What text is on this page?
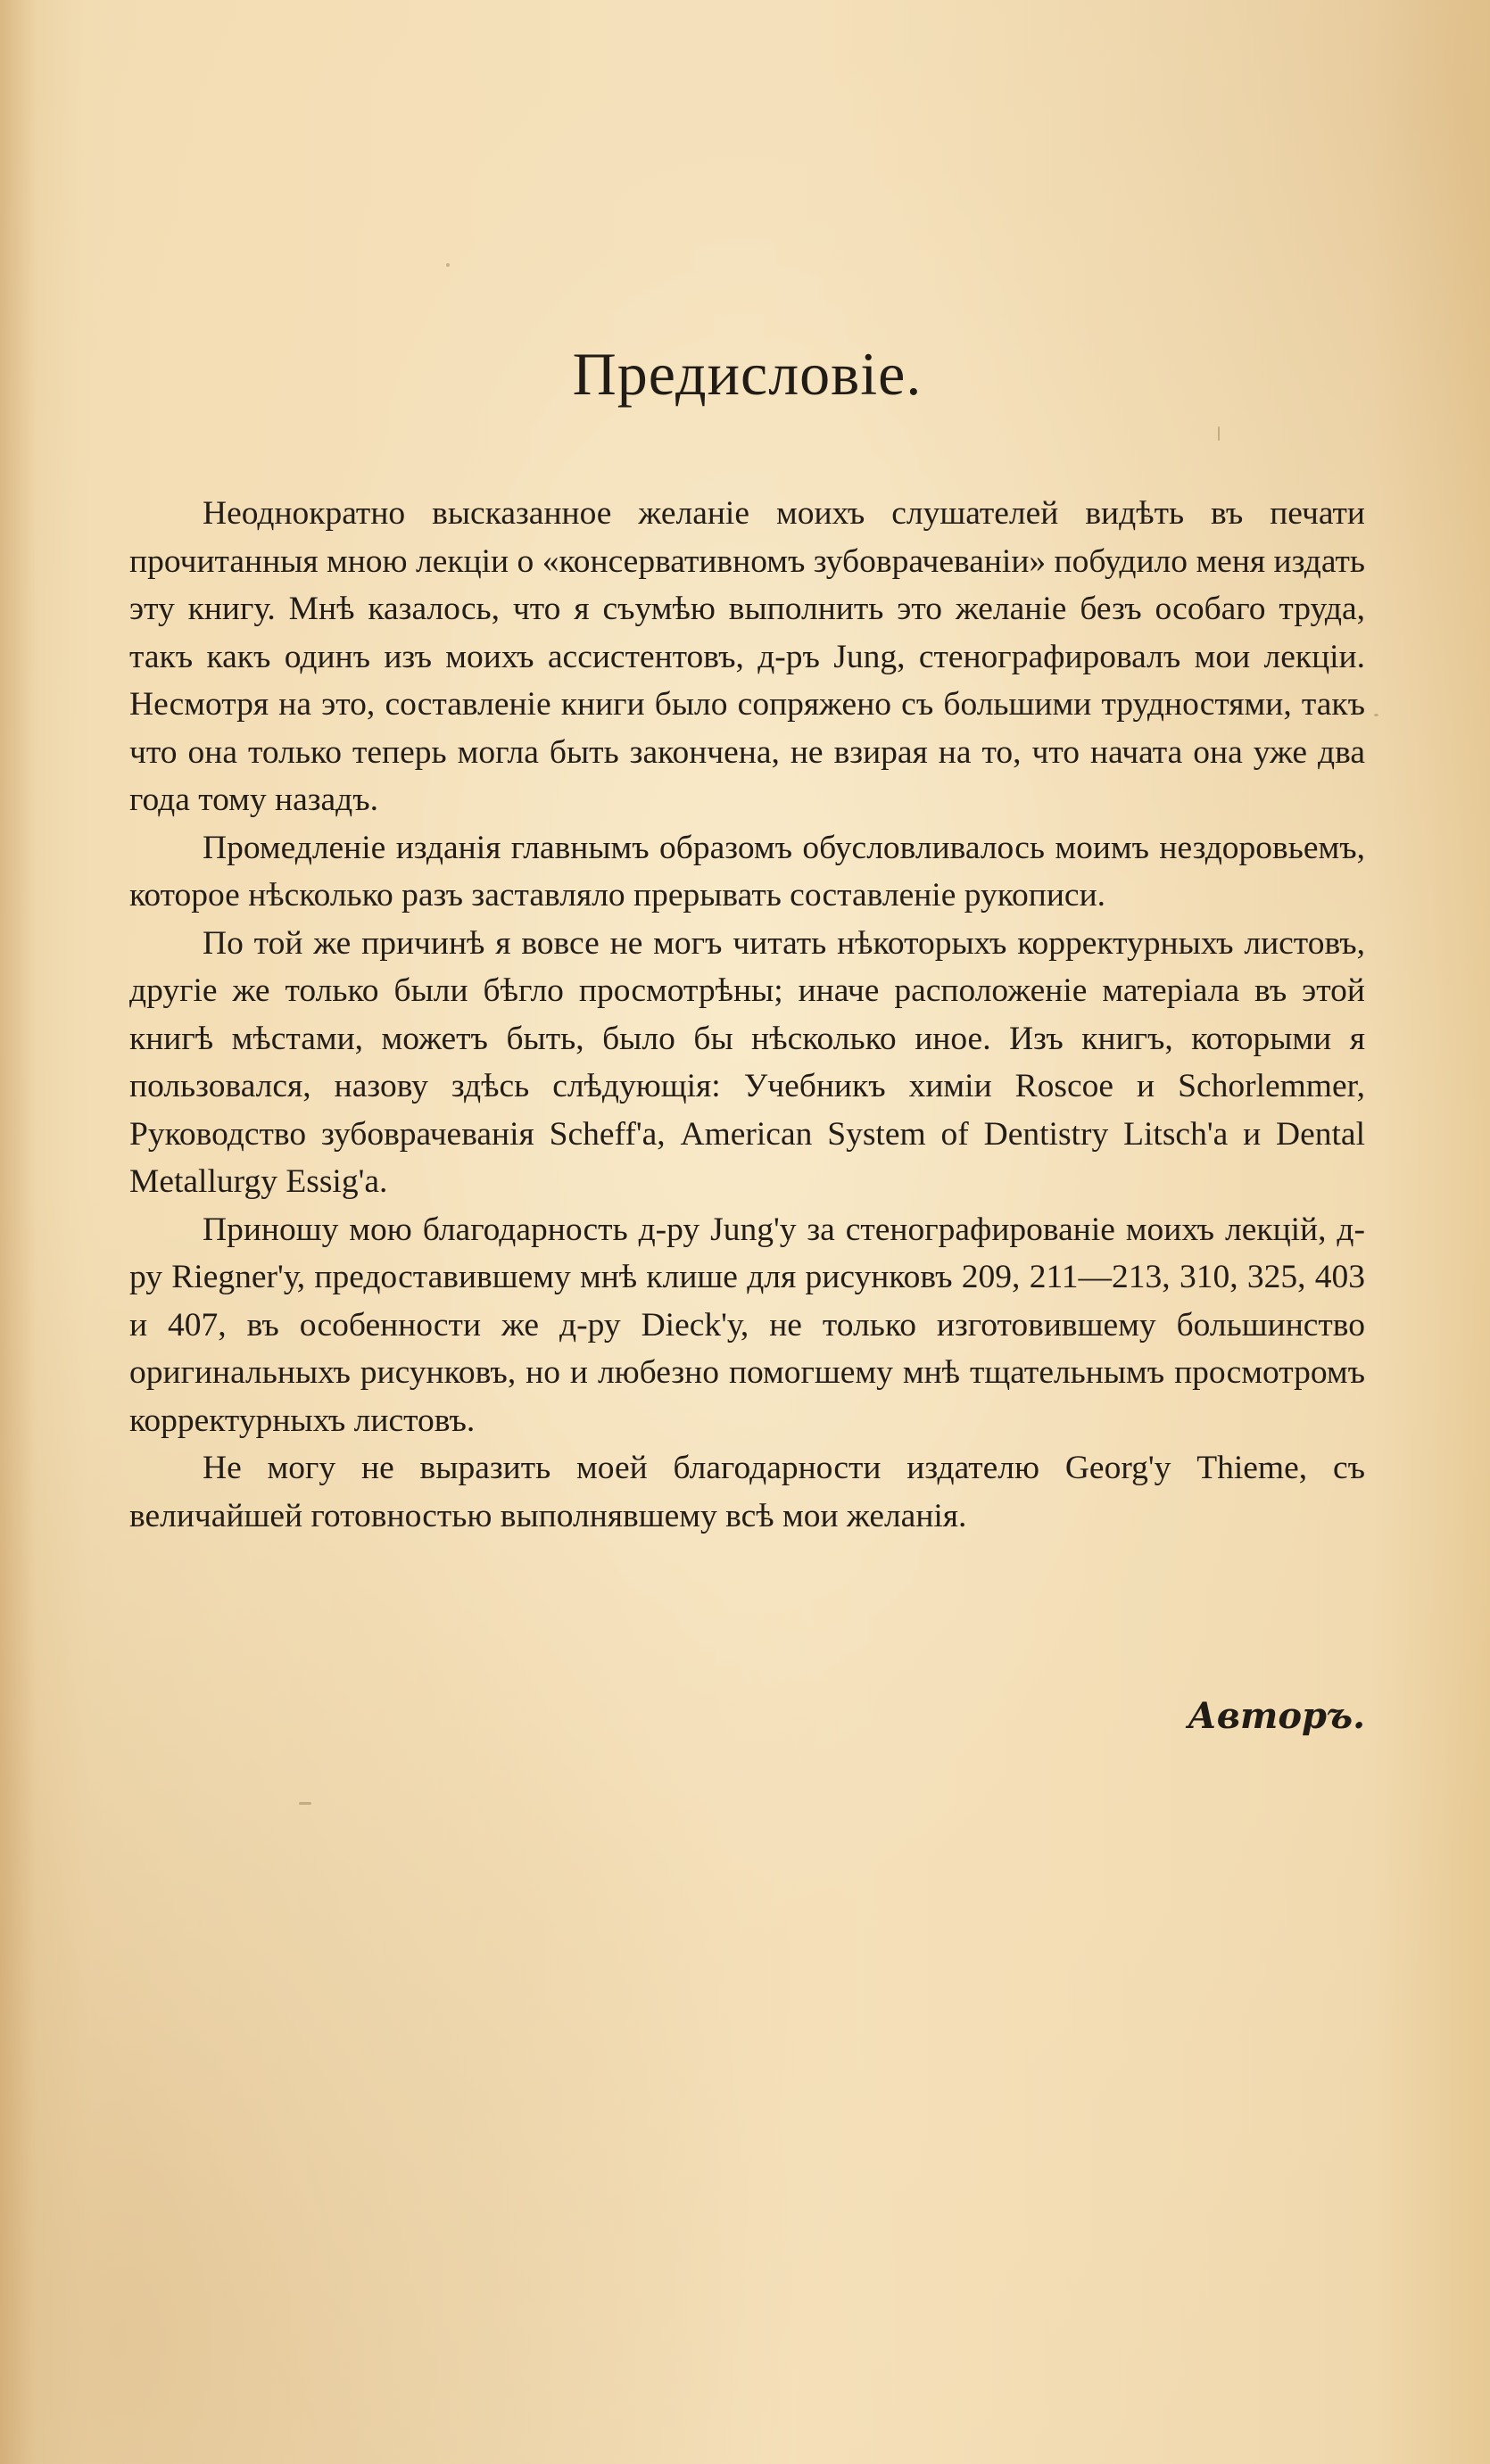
Предисловіе.

Неоднократно высказанное желаніе моихъ слушателей видѣть въ печати прочитанныя мною лекціи о «консервативномъ зубоврачеваніи» побудило меня издать эту книгу. Мнѣ казалось, что я съумѣю выполнить это желаніе безъ особаго труда, такъ какъ одинъ изъ моихъ ассистентовъ, д-ръ Jung, стенографировалъ мои лекціи. Несмотря на это, составленіе книги было сопряжено съ большими трудностями, такъ что она только теперь могла быть закончена, не взирая на то, что начата она уже два года тому назадъ.

Промедленіе изданія главнымъ образомъ обусловливалось моимъ нездоровьемъ, которое нѣсколько разъ заставляло прерывать составленіе рукописи.

По той же причинѣ я вовсе не могъ читать нѣкоторыхъ корректурныхъ листовъ, другіе же только были бѣгло просмотрѣны; иначе расположеніе матеріала въ этой книгѣ мѣстами, можетъ быть, было бы нѣсколько иное. Изъ книгъ, которыми я пользовался, назову здѣсь слѣдующія: Учебникъ химіи Roscoe и Schorlemmer, Руководство зубоврачеванія Scheff'а, American System of Dentistry Litsch'а и Dental Metallurgy Essig'а.

Приношу мою благодарность д-ру Jung'у за стенографированіе моихъ лекцій, д-ру Riegner'у, предоставившему мнѣ клише для рисунковъ 209, 211—213, 310, 325, 403 и 407, въ особенности же д-ру Dieck'у, не только изготовившему большинство оригинальныхъ рисунковъ, но и любезно помогшему мнѣ тщательнымъ просмотромъ корректурныхъ листовъ.

Не могу не выразить моей благодарности издателю Georg'у Thieme, съ величайшей готовностью выполнявшему всѣ мои желанія.

Авторъ.
